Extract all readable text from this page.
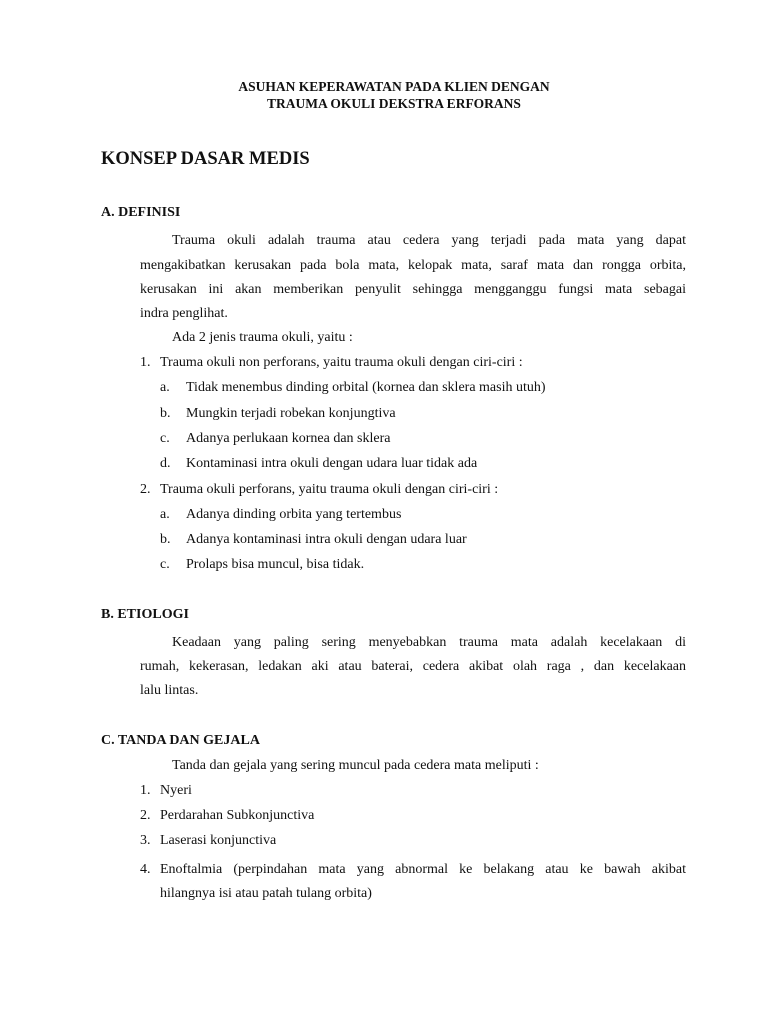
ASUHAN KEPERAWATAN PADA KLIEN DENGAN
TRAUMA OKULI DEKSTRA ERFORANS
KONSEP DASAR MEDIS
A. DEFINISI
Trauma okuli adalah trauma atau cedera yang terjadi pada mata yang dapat
mengakibatkan kerusakan pada bola mata, kelopak mata, saraf mata dan rongga orbita,
kerusakan ini akan memberikan penyulit sehingga mengganggu fungsi mata sebagai
indra penglihat.
Ada 2 jenis trauma okuli, yaitu :
1. Trauma okuli non perforans, yaitu trauma okuli dengan ciri-ciri :
a. Tidak menembus dinding orbital (kornea dan sklera masih utuh)
b. Mungkin terjadi robekan konjungtiva
c. Adanya perlukaan kornea dan sklera
d. Kontaminasi intra okuli dengan udara luar tidak ada
2. Trauma okuli perforans, yaitu trauma okuli dengan ciri-ciri :
a. Adanya dinding orbita yang tertembus
b. Adanya kontaminasi intra okuli dengan udara luar
c. Prolaps bisa muncul, bisa tidak.
B. ETIOLOGI
Keadaan yang paling sering menyebabkan trauma mata adalah kecelakaan di
rumah, kekerasan, ledakan aki atau baterai, cedera akibat olah raga , dan kecelakaan
lalu lintas.
C. TANDA DAN GEJALA
Tanda dan gejala yang sering muncul pada cedera mata meliputi :
1. Nyeri
2. Perdarahan Subkonjunctiva
3. Laserasi konjunctiva
4. Enoftalmia (perpindahan mata yang abnormal ke belakang atau ke bawah akibat
hilangnya isi atau patah tulang orbita)
